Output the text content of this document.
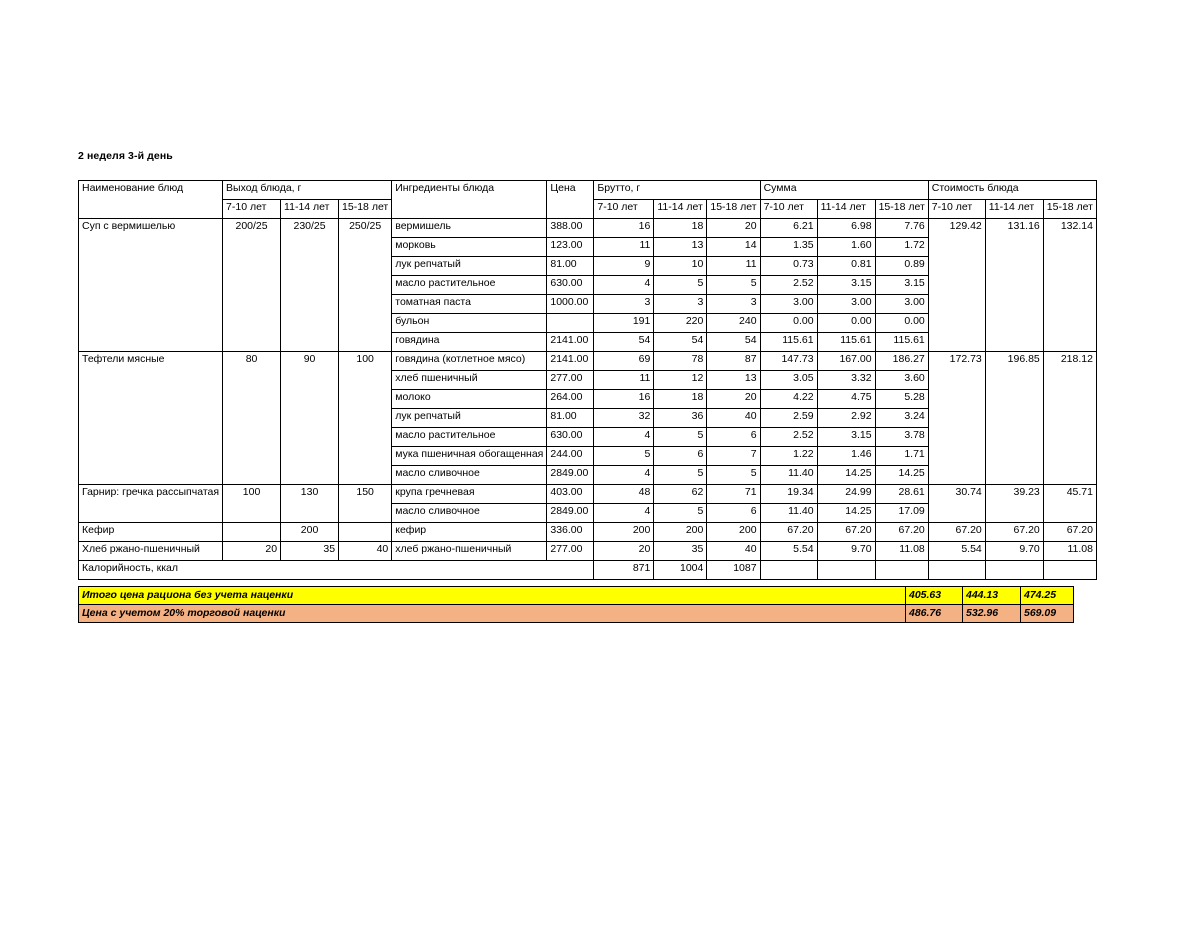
2 неделя 3-й день
Наименование блюд	Выход блюда, г			Ингредиенты блюда	Цена	Брутто, г			Сумма			Стоимость блюда		
	7-10 лет	11-14 лет	15-18 лет			7-10 лет	11-14 лет	15-18 лет	7-10 лет	11-14 лет	15-18 лет	7-10 лет	11-14 лет	15-18 лет
Суп с вермишелью	200/25	230/25	250/25	вермишель	388.00	16	18	20	6.21	6.98	7.76	129.42	131.16	132.14
				морковь	123.00	11	13	14	1.35	1.60	1.72			
				лук репчатый	81.00	9	10	11	0.73	0.81	0.89			
				масло растительное	630.00	4	5	5	2.52	3.15	3.15			
				томатная паста	1000.00	3	3	3	3.00	3.00	3.00			
				бульон		191	220	240	0.00	0.00	0.00			
				говядина	2141.00	54	54	54	115.61	115.61	115.61			
Тефтели мясные	80	90	100	говядина (котлетное мясо)	2141.00	69	78	87	147.73	167.00	186.27	172.73	196.85	218.12
				хлеб пшеничный	277.00	11	12	13	3.05	3.32	3.60			
				молоко	264.00	16	18	20	4.22	4.75	5.28			
				лук репчатый	81.00	32	36	40	2.59	2.92	3.24			
				масло растительное	630.00	4	5	6	2.52	3.15	3.78			
				мука пшеничная обогащенная	244.00	5	6	7	1.22	1.46	1.71			
				масло сливочное	2849.00	4	5	5	11.40	14.25	14.25			
Гарнир: гречка рассыпчатая	100	130	150	крупа гречневая	403.00	48	62	71	19.34	24.99	28.61	30.74	39.23	45.71
				масло сливочное	2849.00	4	5	6	11.40	14.25	17.09			
Кефир		200		кефир	336.00	200	200	200	67.20	67.20	67.20	67.20	67.20	67.20
Хлеб ржано-пшеничный	20	35	40	хлеб ржано-пшеничный	277.00	20	35	40	5.54	9.70	11.08	5.54	9.70	11.08
Калорийность, ккал						871	1004	1087						
Итого цена рациона без учета наценки	405.63	444.13	474.25
Цена с учетом 20% торговой наценки	486.76	532.96	569.09
